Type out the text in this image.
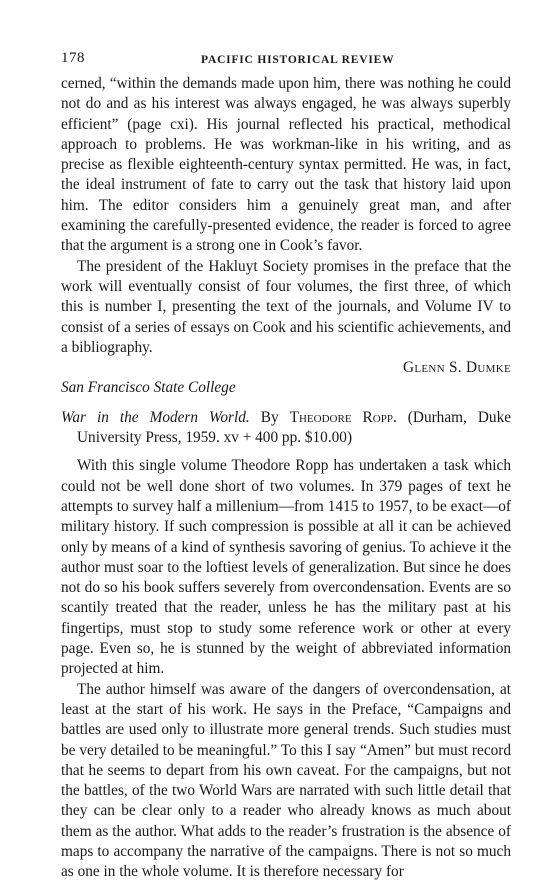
178	PACIFIC HISTORICAL REVIEW

cerned, “within the demands made upon him, there was nothing he could not do and as his interest was always engaged, he was always superbly efficient” (page cxi). His journal reflected his practical, methodical approach to problems. He was workman-like in his writing, and as precise as flexible eighteenth-century syntax permitted. He was, in fact, the ideal instrument of fate to carry out the task that history laid upon him. The editor considers him a genuinely great man, and after examining the carefully-presented evidence, the reader is forced to agree that the argument is a strong one in Cook’s favor.

The president of the Hakluyt Society promises in the preface that the work will eventually consist of four volumes, the first three, of which this is number I, presenting the text of the journals, and Volume IV to consist of a series of essays on Cook and his scientific achievements, and a bibliography.

Glenn S. Dumke

San Francisco State College

War in the Modern World. By Theodore Ropp. (Durham, Duke University Press, 1959. xv + 400 pp. $10.00)

With this single volume Theodore Ropp has undertaken a task which could not be well done short of two volumes. In 379 pages of text he attempts to survey half a millenium—from 1415 to 1957, to be exact—of military history. If such compression is possible at all it can be achieved only by means of a kind of synthesis savoring of genius. To achieve it the author must soar to the loftiest levels of generalization. But since he does not do so his book suffers severely from overcondensation. Events are so scantily treated that the reader, unless he has the military past at his fingertips, must stop to study some reference work or other at every page. Even so, he is stunned by the weight of abbreviated information projected at him.

The author himself was aware of the dangers of overcondensation, at least at the start of his work. He says in the Preface, “Campaigns and battles are used only to illustrate more general trends. Such studies must be very detailed to be meaningful.” To this I say “Amen” but must record that he seems to depart from his own caveat. For the campaigns, but not the battles, of the two World Wars are narrated with such little detail that they can be clear only to a reader who already knows as much about them as the author. What adds to the reader’s frustration is the absence of maps to accompany the narrative of the campaigns. There is not so much as one in the whole volume. It is therefore necessary for
